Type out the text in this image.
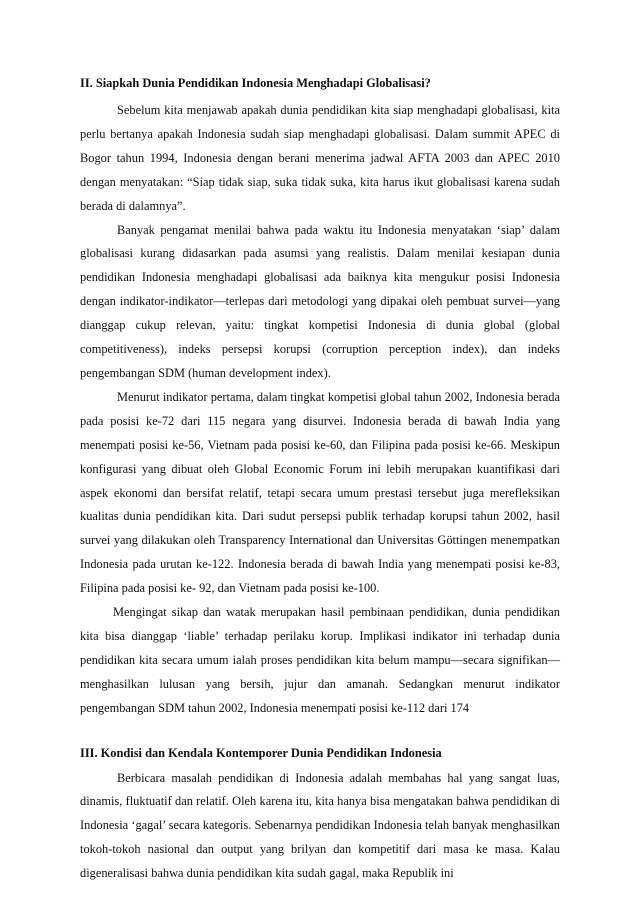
II. Siapkah Dunia Pendidikan Indonesia Menghadapi Globalisasi?

Sebelum kita menjawab apakah dunia pendidikan kita siap menghadapi globalisasi, kita perlu bertanya apakah Indonesia sudah siap menghadapi globalisasi. Dalam summit APEC di Bogor tahun 1994, Indonesia dengan berani menerima jadwal AFTA 2003 dan APEC 2010 dengan menyatakan: “Siap tidak siap, suka tidak suka, kita harus ikut globalisasi karena sudah berada di dalamnya”.

Banyak pengamat menilai bahwa pada waktu itu Indonesia menyatakan ‘siap’ dalam globalisasi kurang didasarkan pada asumsi yang realistis. Dalam menilai kesiapan dunia pendidikan Indonesia menghadapi globalisasi ada baiknya kita mengukur posisi Indonesia dengan indikator-indikator—terlepas dari metodologi yang dipakai oleh pembuat survei—yang dianggap cukup relevan, yaitu: tingkat kompetisi Indonesia di dunia global (global competitiveness), indeks persepsi korupsi (corruption perception index), dan indeks pengembangan SDM (human development index).

Menurut indikator pertama, dalam tingkat kompetisi global tahun 2002, Indonesia berada pada posisi ke-72 dari 115 negara yang disurvei. Indonesia berada di bawah India yang menempati posisi ke-56, Vietnam pada posisi ke-60, dan Filipina pada posisi ke-66. Meskipun konfigurasi yang dibuat oleh Global Economic Forum ini lebih merupakan kuantifikasi dari aspek ekonomi dan bersifat relatif, tetapi secara umum prestasi tersebut juga merefleksikan kualitas dunia pendidikan kita. Dari sudut persepsi publik terhadap korupsi tahun 2002, hasil survei yang dilakukan oleh Transparency International dan Universitas Göttingen menempatkan Indonesia pada urutan ke-122. Indonesia berada di bawah India yang menempati posisi ke-83, Filipina pada posisi ke- 92, dan Vietnam pada posisi ke-100.

Mengingat sikap dan watak merupakan hasil pembinaan pendidikan, dunia pendidikan kita bisa dianggap ‘liable’ terhadap perilaku korup. Implikasi indikator ini terhadap dunia pendidikan kita secara umum ialah proses pendidikan kita belum mampu—secara signifikan—menghasilkan lulusan yang bersih, jujur dan amanah. Sedangkan menurut indikator pengembangan SDM tahun 2002, Indonesia menempati posisi ke-112 dari 174

III. Kondisi dan Kendala Kontemporer Dunia Pendidikan Indonesia

Berbicara masalah pendidikan di Indonesia adalah membahas hal yang sangat luas, dinamis, fluktuatif dan relatif. Oleh karena itu, kita hanya bisa mengatakan bahwa pendidikan di Indonesia ‘gagal’ secara kategoris. Sebenarnya pendidikan Indonesia telah banyak menghasilkan tokoh-tokoh nasional dan output yang brilyan dan kompetitif dari masa ke masa. Kalau digeneralisasi bahwa dunia pendidikan kita sudah gagal, maka Republik ini
